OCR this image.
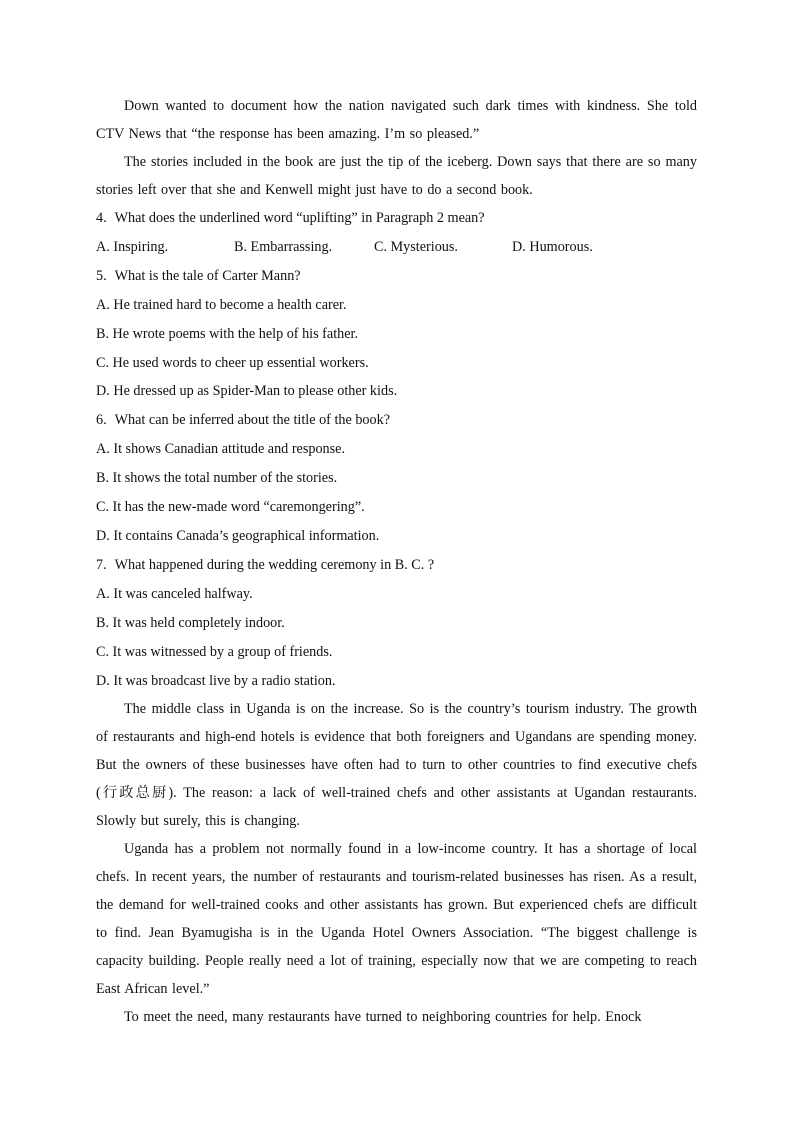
Down wanted to document how the nation navigated such dark times with kindness. She told CTV News that “the response has been amazing. I’m so pleased.”

The stories included in the book are just the tip of the iceberg. Down says that there are so many stories left over that she and Kenwell might just have to do a second book.

4. What does the underlined word “uplifting” in Paragraph 2 mean?

A. Inspiring.	B. Embarrassing.	C. Mysterious.	D. Humorous.

5. What is the tale of Carter Mann?

A. He trained hard to become a health carer.

B. He wrote poems with the help of his father.

C. He used words to cheer up essential workers.

D. He dressed up as Spider-Man to please other kids.

6. What can be inferred about the title of the book?

A. It shows Canadian attitude and response.

B. It shows the total number of the stories.

C. It has the new-made word “caremongering”.

D. It contains Canada’s geographical information.

7. What happened during the wedding ceremony in B. C. ?

A. It was canceled halfway.

B. It was held completely indoor.

C. It was witnessed by a group of friends.

D. It was broadcast live by a radio station.

The middle class in Uganda is on the increase. So is the country’s tourism industry. The growth of restaurants and high-end hotels is evidence that both foreigners and Ugandans are spending money. But the owners of these businesses have often had to turn to other countries to find executive chefs (行政总厨). The reason: a lack of well-trained chefs and other assistants at Ugandan restaurants. Slowly but surely, this is changing.

Uganda has a problem not normally found in a low-income country. It has a shortage of local chefs. In recent years, the number of restaurants and tourism-related businesses has risen. As a result, the demand for well-trained cooks and other assistants has grown. But experienced chefs are difficult to find. Jean Byamugisha is in the Uganda Hotel Owners Association. “The biggest challenge is capacity building. People really need a lot of training, especially now that we are competing to reach East African level.”

To meet the need, many restaurants have turned to neighboring countries for help. Enock
